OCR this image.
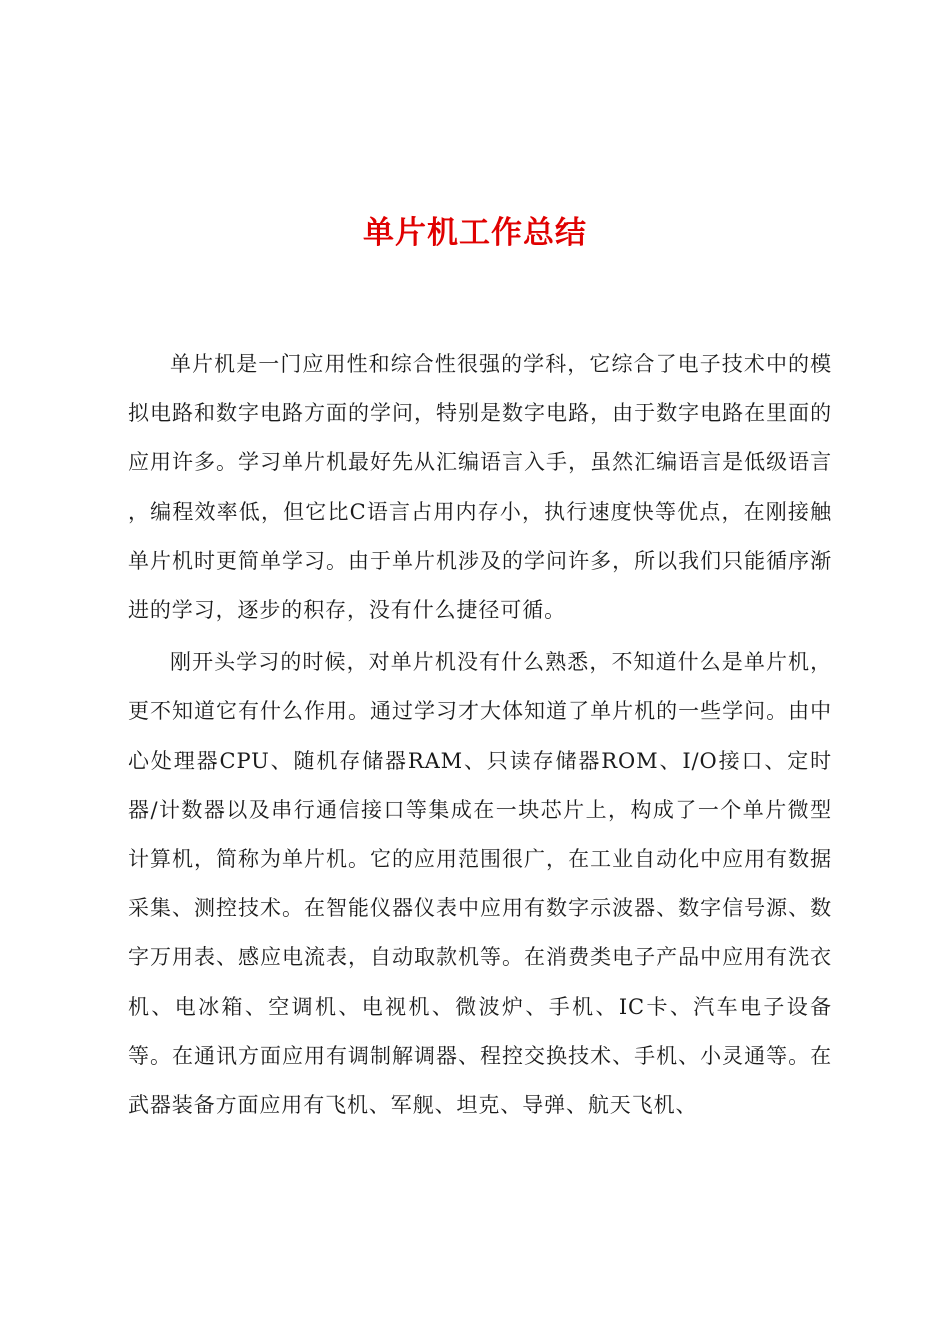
单片机工作总结

单片机是一门应用性和综合性很强的学科，它综合了电子技术中的模拟电路和数字电路方面的学问，特别是数字电路，由于数字电路在里面的应用许多。学习单片机最好先从汇编语言入手，虽然汇编语言是低级语言 ，编程效率低，但它比C语言占用内存小，执行速度快等优点，在刚接触单片机时更简单学习。由于单片机涉及的学问许多，所以我们只能循序渐进的学习，逐步的积存，没有什么捷径可循。

刚开头学习的时候，对单片机没有什么熟悉，不知道什么是单片机，更不知道它有什么作用。通过学习才大体知道了单片机的一些学问。由中心处理器CPU、随机存储器RAM、只读存储器ROM、I/O接口、定时器/计数器以及串行通信接口等集成在一块芯片上，构成了一个单片微型计算机，简称为单片机。它的应用范围很广，在工业自动化中应用有数据采集、测控技术。在智能仪器仪表中应用有数字示波器、数字信号源、数字万用表、感应电流表，自动取款机等。在消费类电子产品中应用有洗衣机、电冰箱、空调机、电视机、微波炉、手机、IC卡、汽车电子设备等。在通讯方面应用有调制解调器、程控交换技术、手机、小灵通等。在武器装备方面应用有飞机、军舰、坦克、导弹、航天飞机、
